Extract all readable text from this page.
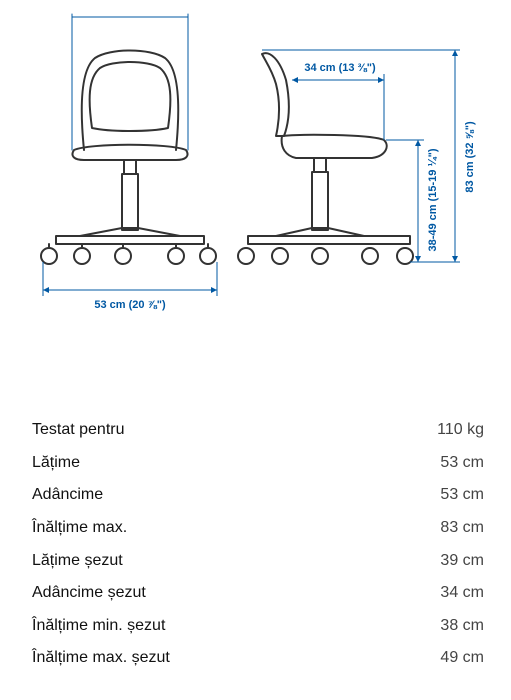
53 cm (20 ⅞")
34 cm (13 ⅜")
38-49 cm (15-19 ¼") 83 cm (32 ⅝")
Testat pentru	110 kg
Lățime	53 cm
Adâncime	53 cm
Înălțime max.	83 cm
Lățime șezut	39 cm
Adâncime șezut	34 cm
Înălțime min. șezut	38 cm
Înălțime max. șezut	49 cm
